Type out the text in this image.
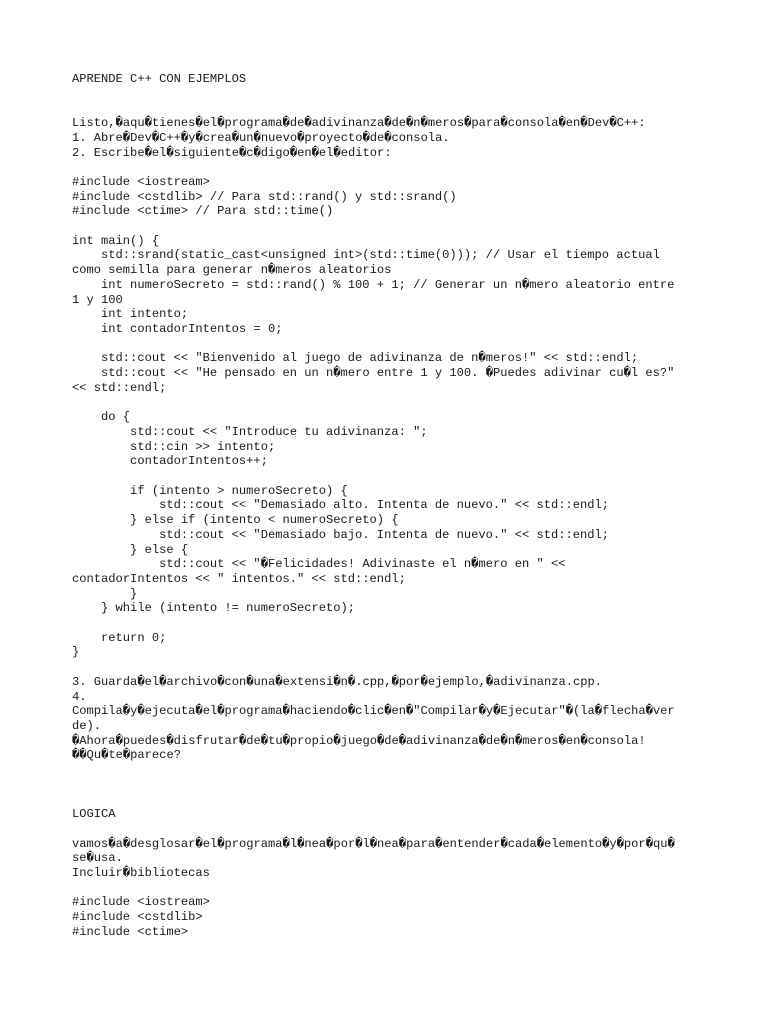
APRENDE C++ CON EJEMPLOS

Listo,�aqu�tienes�el�programa�de�adivinanza�de�n�meros�para�consola�en�Dev�C++:
1. Abre�Dev�C++�y�crea�un�nuevo�proyecto�de�consola.
2. Escribe�el�siguiente�c�digo�en�el�editor:

#include <iostream>
#include <cstdlib> // Para std::rand() y std::srand()
#include <ctime> // Para std::time()

int main() {
std::srand(static_cast<unsigned int>(std::time(0))); // Usar el tiempo actual
como semilla para generar n�meros aleatorios
int numeroSecreto = std::rand() % 100 + 1; // Generar un n�mero aleatorio entre
1 y 100
int intento;
int contadorIntentos = 0;

std::cout << "Bienvenido al juego de adivinanza de n�meros!" << std::endl;
std::cout << "He pensado en un n�mero entre 1 y 100. �Puedes adivinar cu�l es?"
<< std::endl;

do {
std::cout << "Introduce tu adivinanza: ";
std::cin >> intento;
contadorIntentos++;

if (intento > numeroSecreto) {
std::cout << "Demasiado alto. Intenta de nuevo." << std::endl;
} else if (intento < numeroSecreto) {
std::cout << "Demasiado bajo. Intenta de nuevo." << std::endl;
} else {
std::cout << "�Felicidades! Adivinaste el n�mero en " <<
contadorIntentos << " intentos." << std::endl;
}
} while (intento != numeroSecreto);

return 0;
}

3. Guarda�el�archivo�con�una�extensi�n�.cpp,�por�ejemplo,�adivinanza.cpp.
4.
Compila�y�ejecuta�el�programa�haciendo�clic�en�"Compilar�y�Ejecutar"�(la�flecha�ver
de).
�Ahora�puedes�disfrutar�de�tu�propio�juego�de�adivinanza�de�n�meros�en�consola!
��Qu�te�parece?

LOGICA

vamos�a�desglosar�el�programa�l�nea�por�l�nea�para�entender�cada�elemento�y�por�qu�
se�usa.
Incluir�bibliotecas

#include <iostream>
#include <cstdlib>
#include <ctime>
